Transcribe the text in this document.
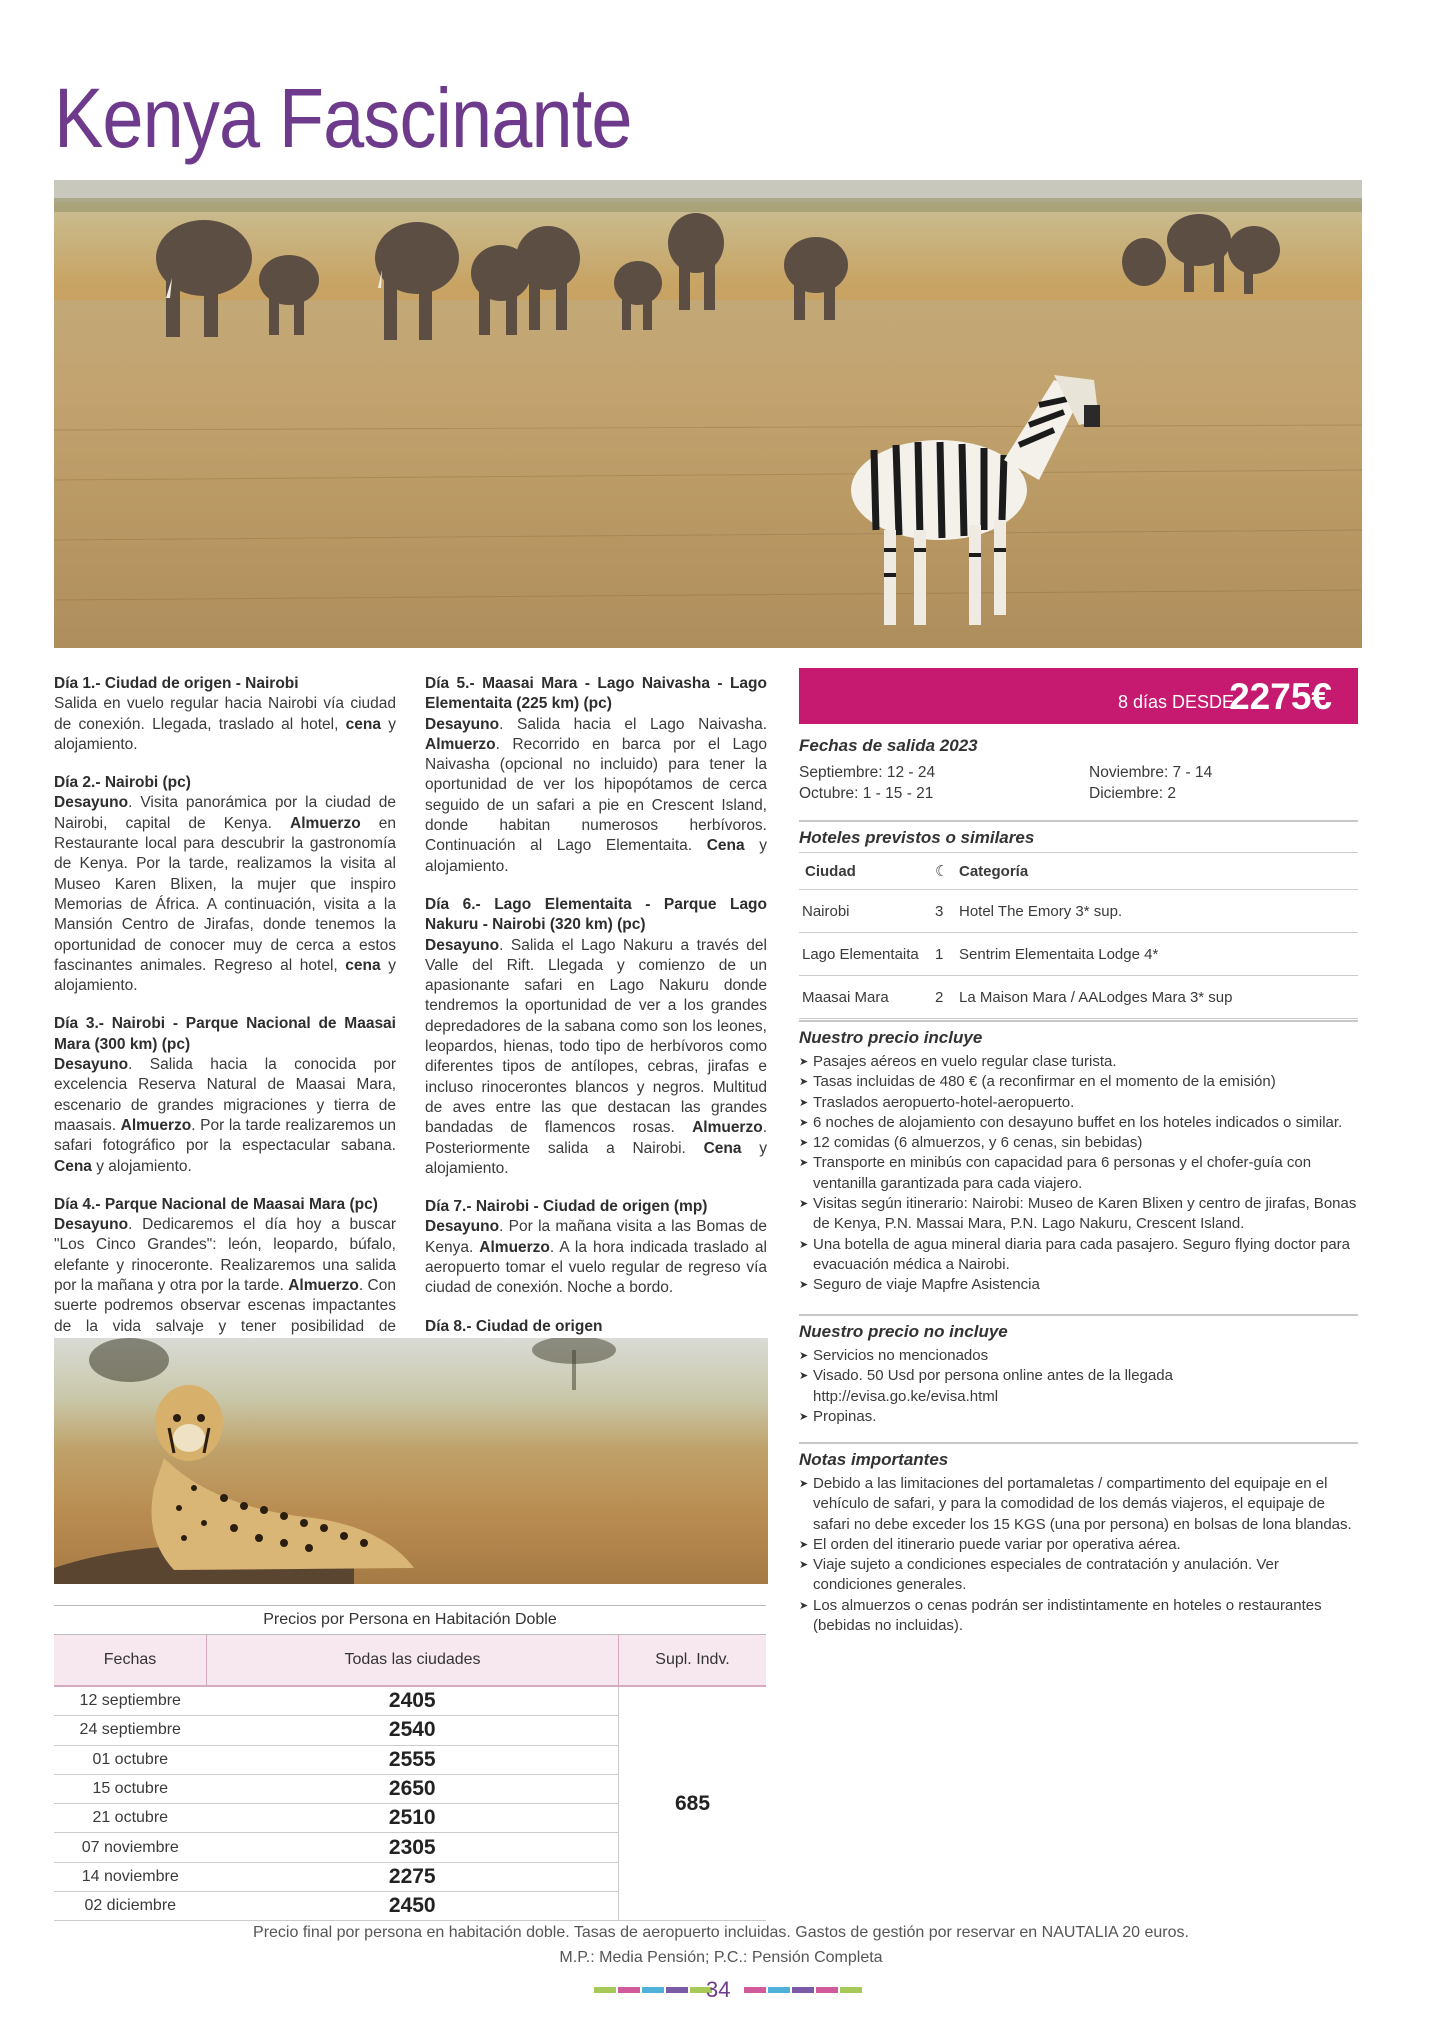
Kenya Fascinante

Día 1.- Ciudad de origen - Nairobi
Salida en vuelo regular hacia Nairobi vía ciudad de conexión. Llegada, traslado al hotel, cena y alojamiento.

Día 2.- Nairobi (pc)
Desayuno. Visita panorámica por la ciudad de Nairobi, capital de Kenya. Almuerzo en Restaurante local para descubrir la gastronomía de Kenya. Por la tarde, realizamos la visita al Museo Karen Blixen, la mujer que inspiro Memorias de África. A continuación, visita a la Mansión Centro de Jirafas, donde tenemos la oportunidad de conocer muy de cerca a estos fascinantes animales. Regreso al hotel, cena y alojamiento.

Día 3.- Nairobi - Parque Nacional de Maasai Mara (300 km) (pc)
Desayuno. Salida hacia la conocida por excelencia Reserva Natural de Maasai Mara, escenario de grandes migraciones y tierra de maasais. Almuerzo. Por la tarde realizaremos un safari fotográfico por la espectacular sabana. Cena y alojamiento.

Día 4.- Parque Nacional de Maasai Mara (pc)
Desayuno. Dedicaremos el día hoy a buscar "Los Cinco Grandes": león, leopardo, búfalo, elefante y rinoceronte. Realizaremos una salida por la mañana y otra por la tarde. Almuerzo. Con suerte podremos observar escenas impactantes de la vida salvaje y tener posibilidad de

Día 5.- Maasai Mara - Lago Naivasha - Lago Elementaita (225 km) (pc)
Desayuno. Salida hacia el Lago Naivasha. Almuerzo. Recorrido en barca por el Lago Naivasha (opcional no incluido) para tener la oportunidad de ver los hipopótamos de cerca seguido de un safari a pie en Crescent Island, donde habitan numerosos herbívoros. Continuación al Lago Elementaita. Cena y alojamiento.

Día 6.- Lago Elementaita - Parque Lago Nakuru - Nairobi (320 km) (pc)
Desayuno. Salida el Lago Nakuru a través del Valle del Rift. Llegada y comienzo de un apasionante safari en Lago Nakuru donde tendremos la oportunidad de ver a los grandes depredadores de la sabana como son los leones, leopardos, hienas, todo tipo de herbívoros como diferentes tipos de antílopes, cebras, jirafas e incluso rinocerontes blancos y negros. Multitud de aves entre las que destacan las grandes bandadas de flamencos rosas. Almuerzo. Posteriormente salida a Nairobi. Cena y alojamiento.

Día 7.- Nairobi - Ciudad de origen (mp)
Desayuno. Por la mañana visita a las Bomas de Kenya. Almuerzo. A la hora indicada traslado al aeropuerto tomar el vuelo regular de regreso vía ciudad de conexión. Noche a bordo.

Día 8.- Ciudad de origen

Precios por Persona en Habitación Doble
Fechas	Todas las ciudades	Supl. Indv.
12 septiembre	2405	685
24 septiembre	2540	
01 octubre	2555	
15 octubre	2650	
21 octubre	2510	
07 noviembre	2305	
14 noviembre	2275	
02 diciembre	2450	
8 días DESDE
2275€
Fechas de salida 2023
Septiembre: 12 - 24	Noviembre: 7 - 14
Octubre: 1 - 15 - 21	Diciembre: 2
Hoteles previstos o similares
Ciudad	☾	Categoría
Nairobi	3	Hotel The Emory 3* sup.
Lago Elementaita	1	Sentrim Elementaita Lodge 4*
Maasai Mara	2	La Maison Mara / AALodges Mara 3* sup
Nuestro precio incluye
➤ Pasajes aéreos en vuelo regular clase turista.
➤ Tasas incluidas de 480 € (a reconfirmar en el momento de la emisión)
➤ Traslados aeropuerto-hotel-aeropuerto.
➤ 6 noches de alojamiento con desayuno buffet en los hoteles indicados o similar.
➤ 12 comidas (6 almuerzos, y 6 cenas, sin bebidas)
➤ Transporte en minibús con capacidad para 6 personas y el chofer-guía con ventanilla garantizada para cada viajero.
➤ Visitas según itinerario: Nairobi: Museo de Karen Blixen y centro de jirafas, Bonas de Kenya, P.N. Massai Mara, P.N. Lago Nakuru, Crescent Island.
➤ Una botella de agua mineral diaria para cada pasajero. Seguro flying doctor para evacuación médica a Nairobi.
➤ Seguro de viaje Mapfre Asistencia
Nuestro precio no incluye
➤ Servicios no mencionados
➤ Visado. 50 Usd por persona online antes de la llegada http://evisa.go.ke/evisa.html
➤ Propinas.
Notas importantes
➤ Debido a las limitaciones del portamaletas / compartimento del equipaje en el vehículo de safari, y para la comodidad de los demás viajeros, el equipaje de safari no debe exceder los 15 KGS (una por persona) en bolsas de lona blandas.
➤ El orden del itinerario puede variar por operativa aérea.
➤ Viaje sujeto a condiciones especiales de contratación y anulación. Ver condiciones generales.
➤ Los almuerzos o cenas podrán ser indistintamente en hoteles o restaurantes (bebidas no incluidas).
Precio final por persona en habitación doble. Tasas de aeropuerto incluidas. Gastos de gestión por reservar en NAUTALIA 20 euros.
M.P.: Media Pensión; P.C.: Pensión Completa
34
